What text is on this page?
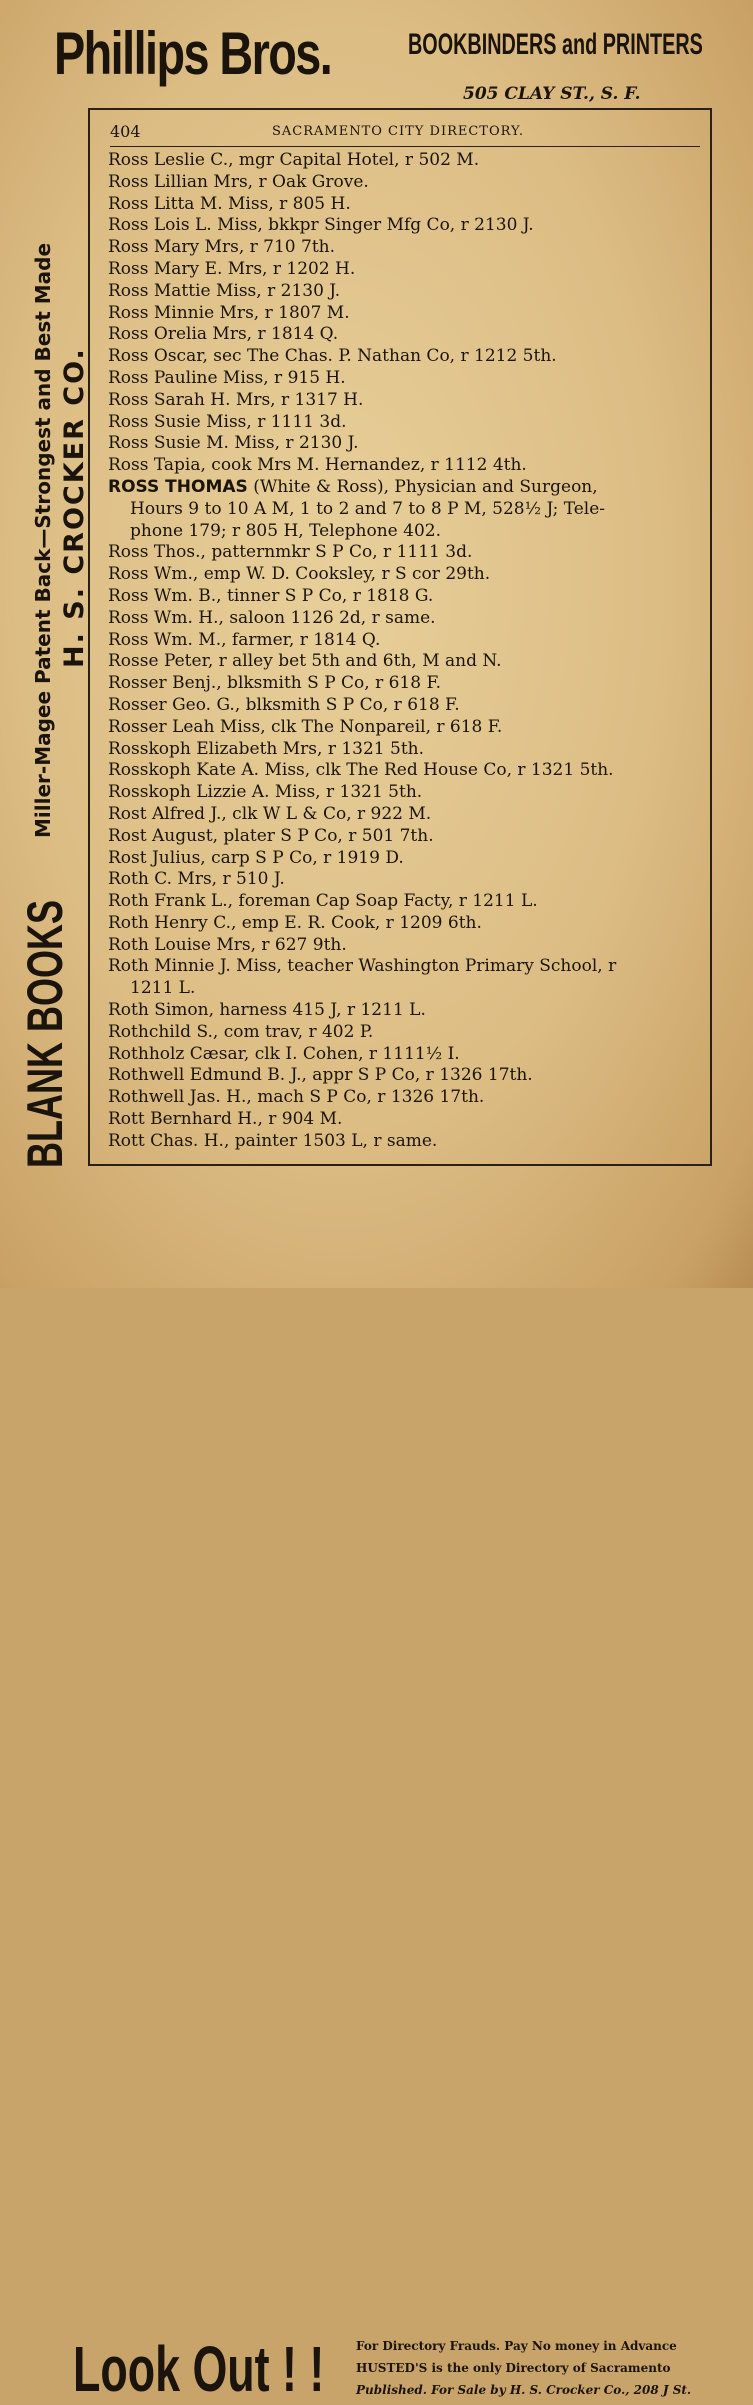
Phillips Bros.	BOOKBINDERS and PRINTERS
505 CLAY ST., S. F.
BLANK BOOKS
Miller-Magee Patent Back—Strongest and Best Made H. S. CROCKER CO.
404	SACRAMENTO CITY DIRECTORY.
Ross Leslie C., mgr Capital Hotel, r 502 M.
Ross Lillian Mrs, r Oak Grove.
Ross Litta M. Miss, r 805 H.
Ross Lois L. Miss, bkkpr Singer Mfg Co, r 2130 J.
Ross Mary Mrs, r 710 7th.
Ross Mary E. Mrs, r 1202 H.
Ross Mattie Miss, r 2130 J.
Ross Minnie Mrs, r 1807 M.
Ross Orelia Mrs, r 1814 Q.
Ross Oscar, sec The Chas. P. Nathan Co, r 1212 5th.
Ross Pauline Miss, r 915 H.
Ross Sarah H. Mrs, r 1317 H.
Ross Susie Miss, r 1111 3d.
Ross Susie M. Miss, r 2130 J.
Ross Tapia, cook Mrs M. Hernandez, r 1112 4th.
ROSS THOMAS (White & Ross), Physician and Surgeon,
Hours 9 to 10 A M, 1 to 2 and 7 to 8 P M, 528½ J; Tele-
phone 179; r 805 H, Telephone 402.
Ross Thos., patternmkr S P Co, r 1111 3d.
Ross Wm., emp W. D. Cooksley, r S cor 29th.
Ross Wm. B., tinner S P Co, r 1818 G.
Ross Wm. H., saloon 1126 2d, r same.
Ross Wm. M., farmer, r 1814 Q.
Rosse Peter, r alley bet 5th and 6th, M and N.
Rosser Benj., blksmith S P Co, r 618 F.
Rosser Geo. G., blksmith S P Co, r 618 F.
Rosser Leah Miss, clk The Nonpareil, r 618 F.
Rosskoph Elizabeth Mrs, r 1321 5th.
Rosskoph Kate A. Miss, clk The Red House Co, r 1321 5th.
Rosskoph Lizzie A. Miss, r 1321 5th.
Rost Alfred J., clk W L & Co, r 922 M.
Rost August, plater S P Co, r 501 7th.
Rost Julius, carp S P Co, r 1919 D.
Roth C. Mrs, r 510 J.
Roth Frank L., foreman Cap Soap Facty, r 1211 L.
Roth Henry C., emp E. R. Cook, r 1209 6th.
Roth Louise Mrs, r 627 9th.
Roth Minnie J. Miss, teacher Washington Primary School, r
1211 L.
Roth Simon, harness 415 J, r 1211 L.
Rothchild S., com trav, r 402 P.
Rothholz Cæsar, clk I. Cohen, r 1111½ I.
Rothwell Edmund B. J., appr S P Co, r 1326 17th.
Rothwell Jas. H., mach S P Co, r 1326 17th.
Rott Bernhard H., r 904 M.
Rott Chas. H., painter 1503 L, r same.
Look Out ! !	For Directory Frauds. Pay No money in Advance
HUSTED'S is the only Directory of Sacramento
Published. For Sale by H. S. Crocker Co., 208 J St.
